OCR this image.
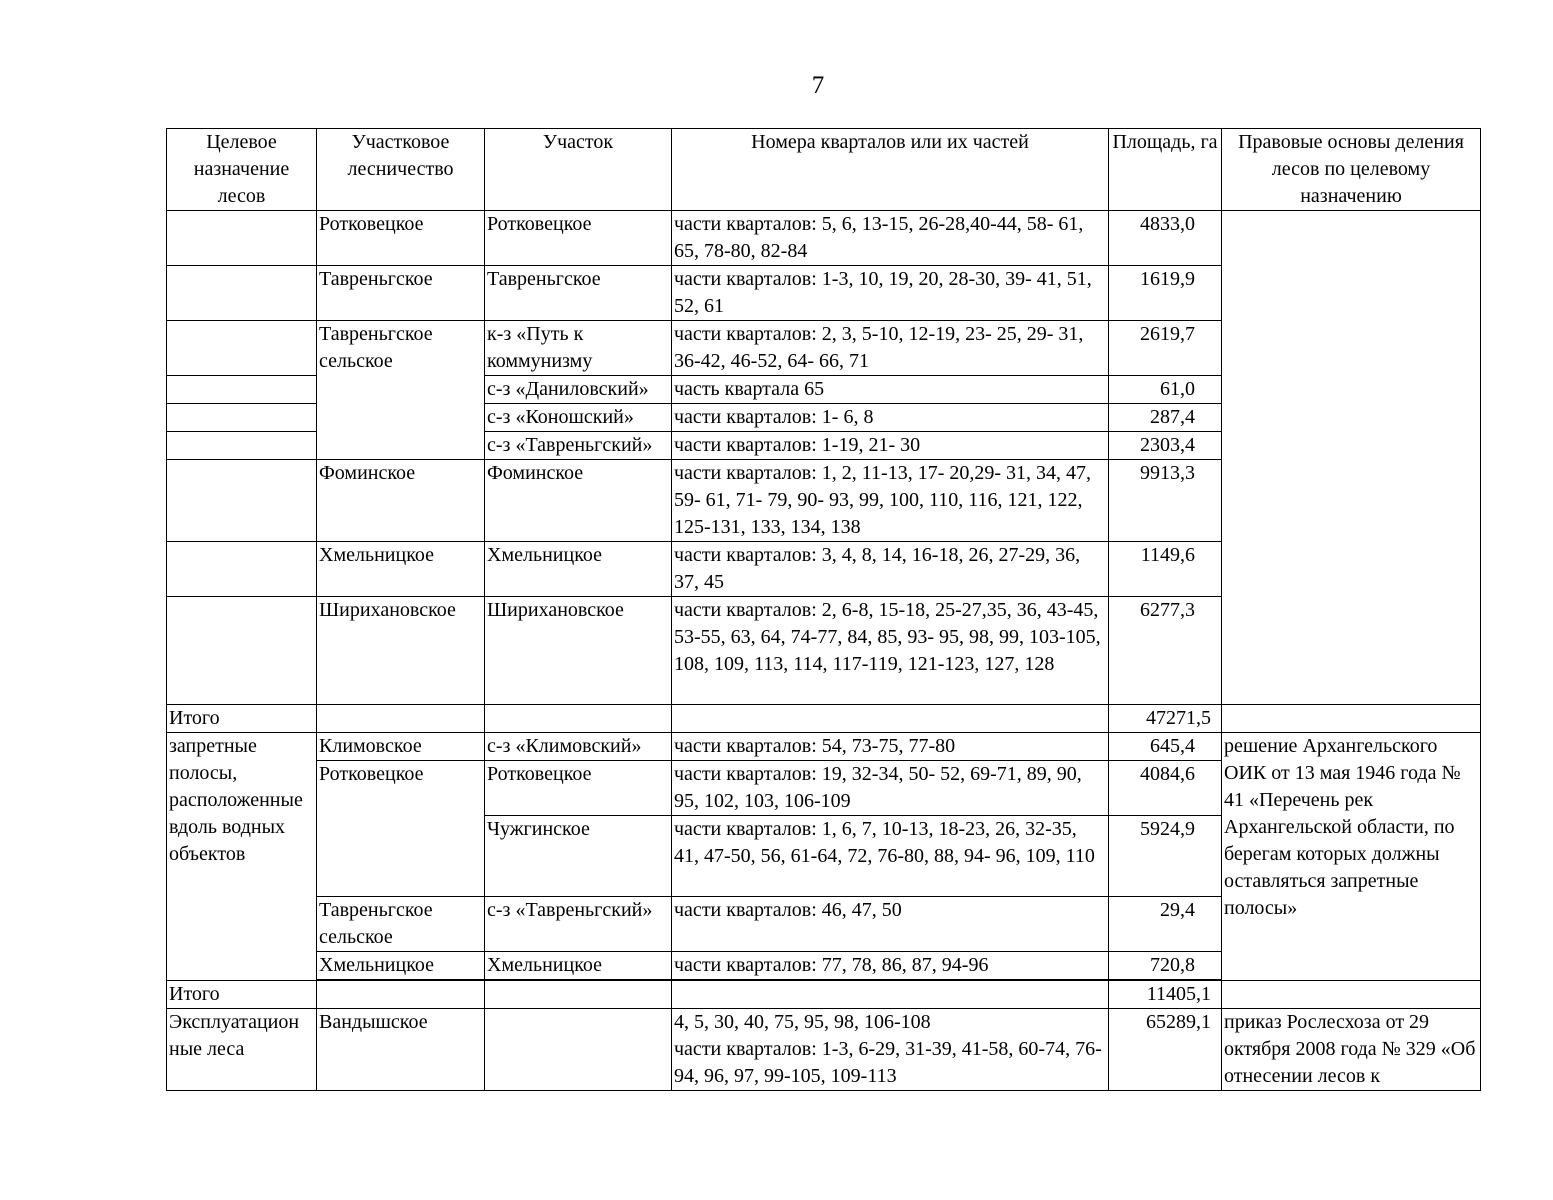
7
Целевое назначение лесов	Участковое лесничество	Участок	Номера кварталов или их частей	Площадь, га	Правовые основы деления лесов по целевому назначению
	Ротковецкое	Ротковецкое	части кварталов: 5, 6, 13-15, 26-28,40-44, 58- 61, 65, 78-80, 82-84	4833,0	
	Тавреньгское	Тавреньгское	части кварталов: 1-3, 10, 19, 20, 28-30, 39- 41, 51, 52, 61	1619,9	
	Тавреньгское сельское	к-з «Путь к коммунизму	части кварталов: 2, 3, 5-10, 12-19, 23- 25, 29- 31, 36-42, 46-52, 64- 66, 71	2619,7	
		с-з «Даниловский»	часть квартала 65	61,0	
		с-з «Коношский»	части кварталов: 1- 6, 8	287,4	
		с-з «Тавреньгский»	части кварталов: 1-19, 21- 30	2303,4	
	Фоминское	Фоминское	части кварталов: 1, 2, 11-13, 17- 20,29- 31, 34, 47, 59- 61, 71- 79, 90- 93, 99, 100, 110, 116, 121, 122, 125-131, 133, 134, 138	9913,3	
	Хмельницкое	Хмельницкое	части кварталов: 3, 4, 8, 14, 16-18, 26, 27-29, 36, 37, 45	1149,6	
	Ширихановское	Ширихановское	части кварталов: 2, 6-8, 15-18, 25-27,35, 36, 43-45, 53-55, 63, 64, 74-77, 84, 85, 93- 95, 98, 99, 103-105, 108, 109, 113, 114, 117-119, 121-123, 127, 128	6277,3	
Итого				47271,5	
запретные полосы, расположенные вдоль водных объектов	Климовское	с-з «Климовский»	части кварталов: 54, 73-75, 77-80	645,4	решение Архангельского ОИК от 13 мая 1946 года № 41 «Перечень рек Архангельской области, по берегам которых должны оставляться запретные полосы»
	Ротковецкое	Ротковецкое	части кварталов: 19, 32-34, 50- 52, 69-71, 89, 90, 95, 102, 103, 106-109	4084,6	
		Чужгинское	части кварталов: 1, 6, 7, 10-13, 18-23, 26, 32-35, 41, 47-50, 56, 61-64, 72, 76-80, 88, 94- 96, 109, 110	5924,9	
	Тавреньгское сельское	с-з «Тавреньгский»	части кварталов: 46, 47, 50	29,4	
	Хмельницкое	Хмельницкое	части кварталов: 77, 78, 86, 87, 94-96	720,8	

Итого				11405,1	
Эксплуатацион ные леса	Вандышское		4, 5, 30, 40, 75, 95, 98, 106-108
части кварталов: 1-3, 6-29, 31-39, 41-58, 60-74, 76- 94, 96, 97, 99-105, 109-113	65289,1	приказ Рослесхоза от 29 октября 2008 года № 329 «Об отнесении лесов к
